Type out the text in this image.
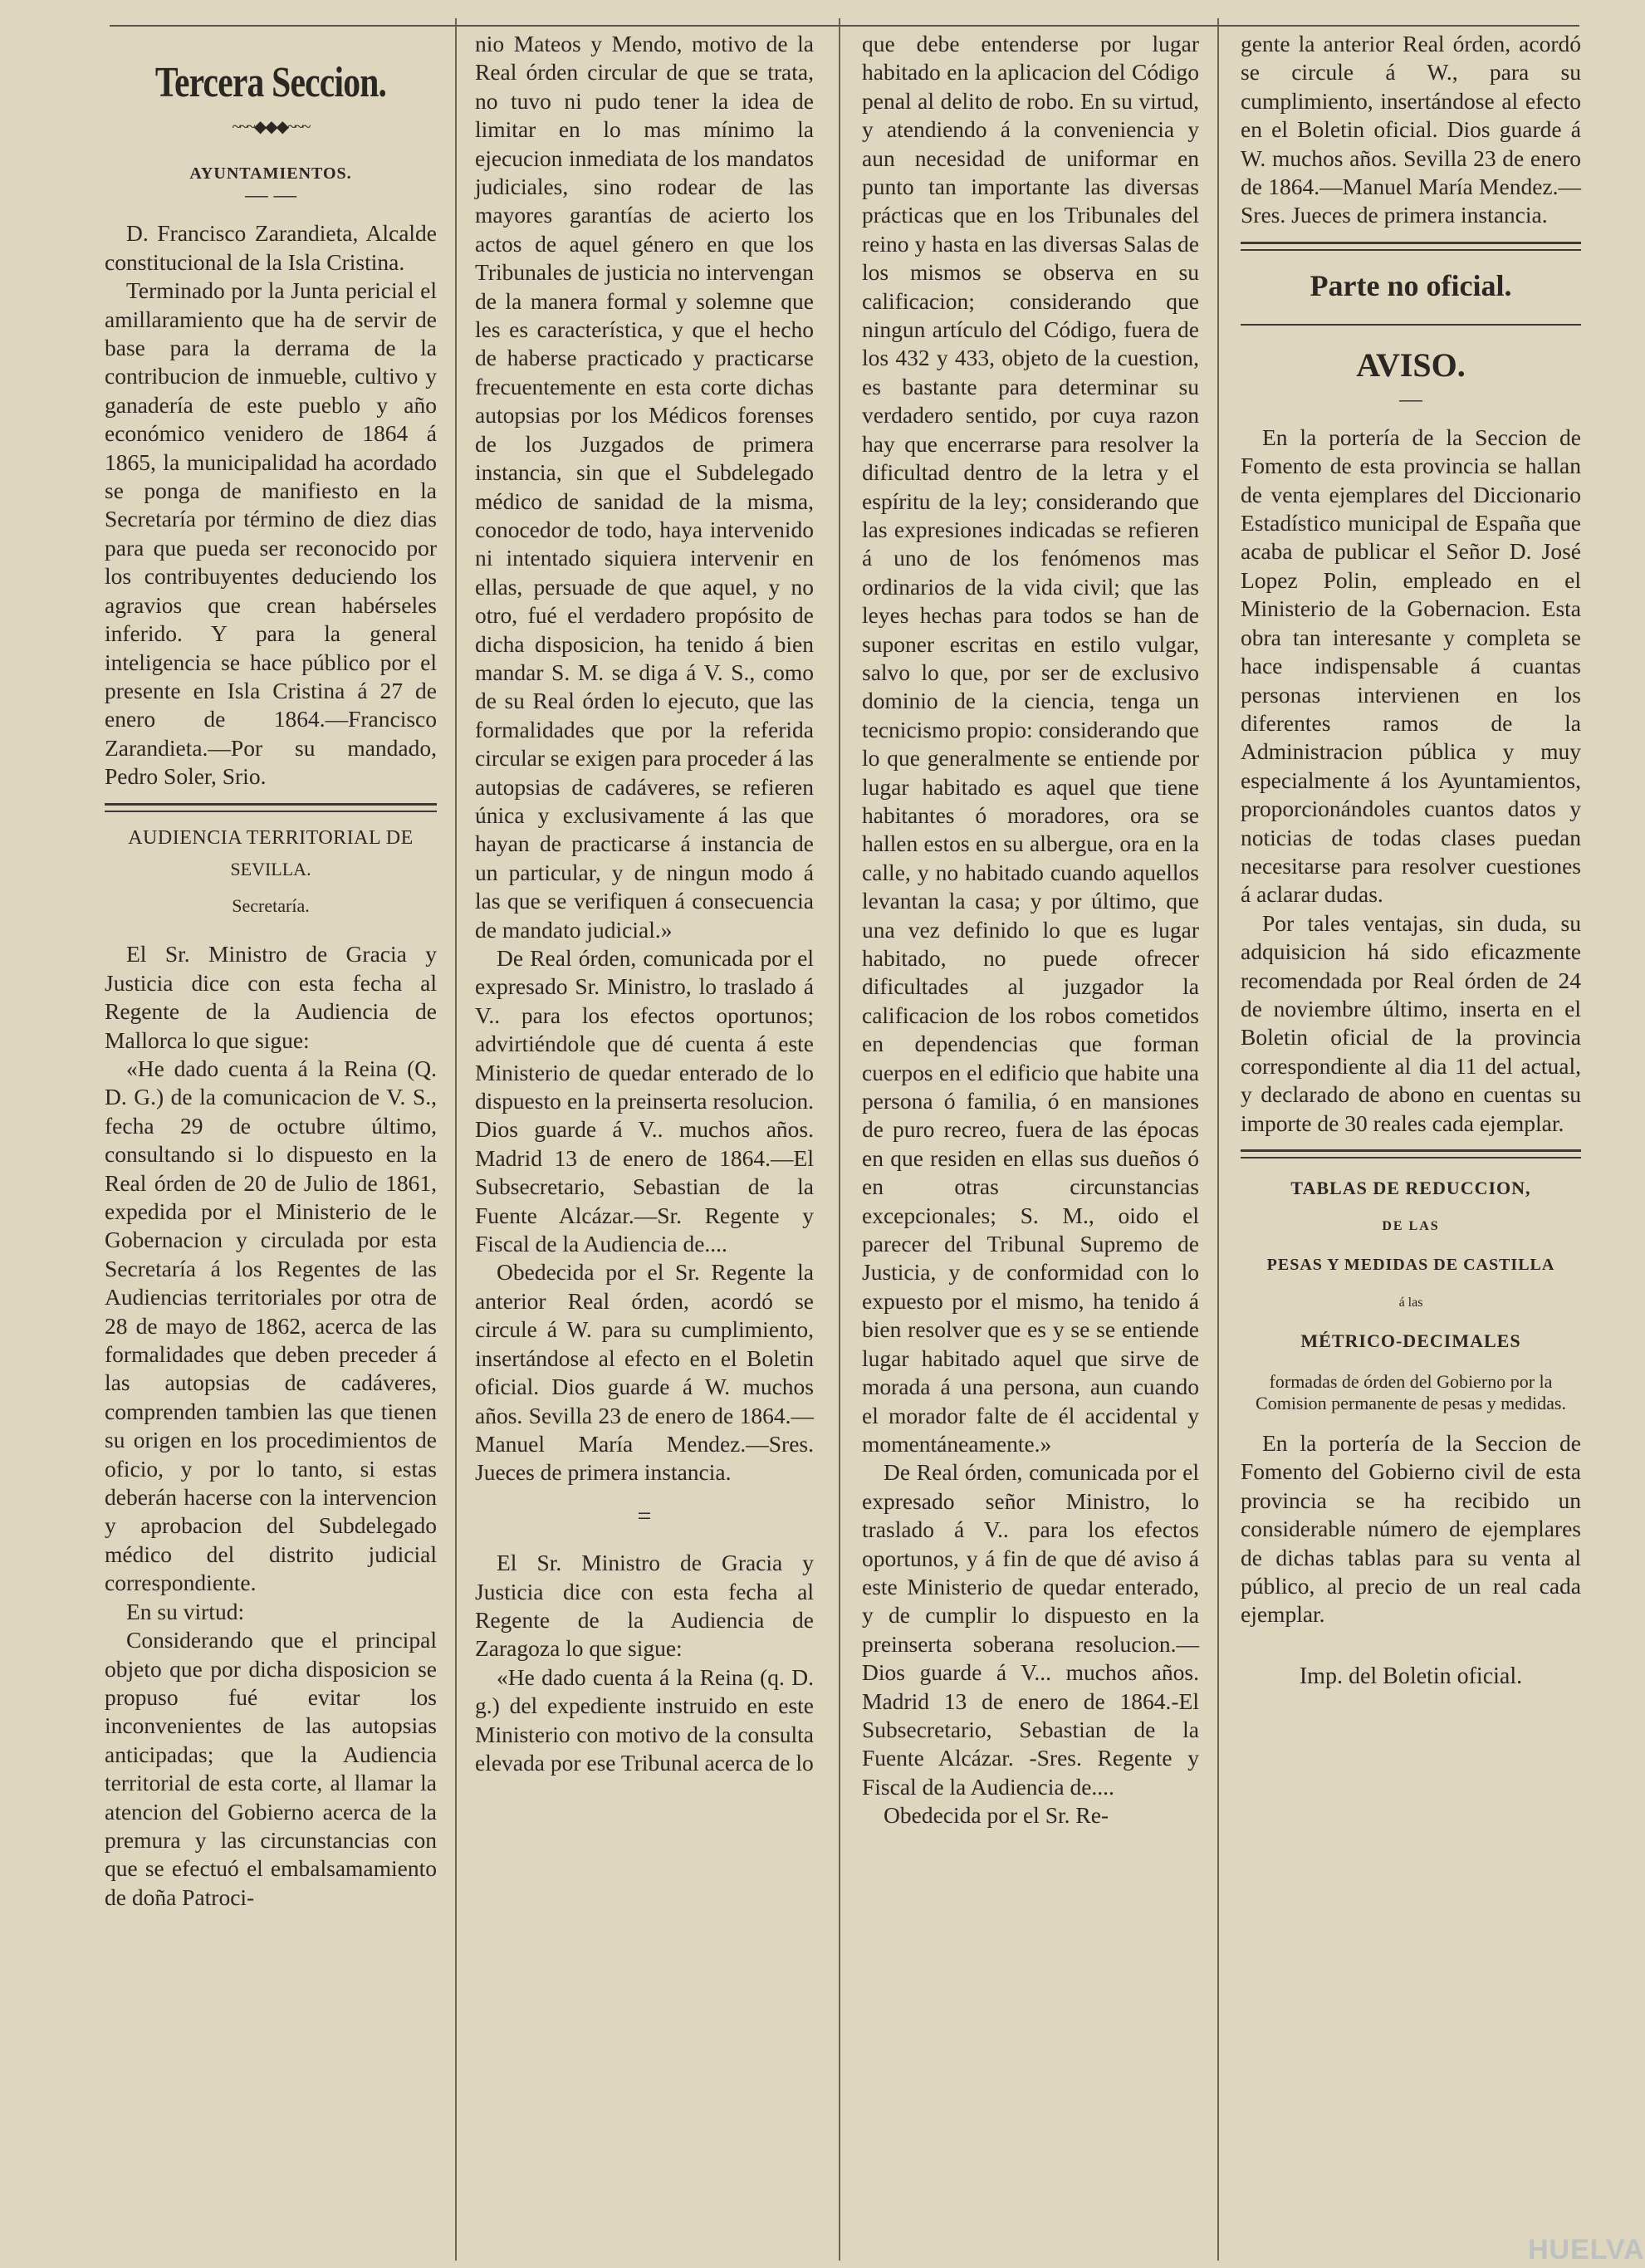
Tercera Seccion.
~~~◆◆◆~~~
AYUNTAMIENTOS.
— —

D. Francisco Zarandieta, Alcalde constitucional de la Isla Cristina.

Terminado por la Junta pericial el amillaramiento que ha de servir de base para la derrama de la contribucion de inmueble, cultivo y ganadería de este pueblo y año económico venidero de 1864 á 1865, la municipalidad ha acordado se ponga de manifiesto en la Secretaría por término de diez dias para que pueda ser reconocido por los contribuyentes deduciendo los agravios que crean habérseles inferido. Y para la general inteligencia se hace público por el presente en Isla Cristina á 27 de enero de 1864.—Francisco Zarandieta.—Por su mandado, Pedro Soler, Srio.

AUDIENCIA TERRITORIAL DE
SEVILLA.
Secretaría.

El Sr. Ministro de Gracia y Justicia dice con esta fecha al Regente de la Audiencia de Mallorca lo que sigue:

«He dado cuenta á la Reina (Q. D. G.) de la comunicacion de V. S., fecha 29 de octubre último, consultando si lo dispuesto en la Real órden de 20 de Julio de 1861, expedida por el Ministerio de le Gobernacion y circulada por esta Secretaría á los Regentes de las Audiencias territoriales por otra de 28 de mayo de 1862, acerca de las formalidades que deben preceder á las autopsias de cadáveres, comprenden tambien las que tienen su origen en los procedimientos de oficio, y por lo tanto, si estas deberán hacerse con la intervencion y aprobacion del Subdelegado médico del distrito judicial correspondiente.

En su virtud:

Considerando que el principal objeto que por dicha disposicion se propuso fué evitar los inconvenientes de las autopsias anticipadas; que la Audiencia territorial de esta corte, al llamar la atencion del Gobierno acerca de la premura y las circunstancias con que se efectuó el embalsamamiento de doña Patroci-

nio Mateos y Mendo, motivo de la Real órden circular de que se trata, no tuvo ni pudo tener la idea de limitar en lo mas mínimo la ejecucion inmediata de los mandatos judiciales, sino rodear de las mayores garantías de acierto los actos de aquel género en que los Tribunales de justicia no intervengan de la manera formal y solemne que les es característica, y que el hecho de haberse practicado y practicarse frecuentemente en esta corte dichas autopsias por los Médicos forenses de los Juzgados de primera instancia, sin que el Subdelegado médico de sanidad de la misma, conocedor de todo, haya intervenido ni intentado siquiera intervenir en ellas, persuade de que aquel, y no otro, fué el verdadero propósito de dicha disposicion, ha tenido á bien mandar S. M. se diga á V. S., como de su Real órden lo ejecuto, que las formalidades que por la referida circular se exigen para proceder á las autopsias de cadáveres, se refieren única y exclusivamente á las que hayan de practicarse á instancia de un particular, y de ningun modo á las que se verifiquen á consecuencia de mandato judicial.»

De Real órden, comunicada por el expresado Sr. Ministro, lo traslado á V.. para los efectos oportunos; advirtiéndole que dé cuenta á este Ministerio de quedar enterado de lo dispuesto en la preinserta resolucion. Dios guarde á V.. muchos años. Madrid 13 de enero de 1864.—El Subsecretario, Sebastian de la Fuente Alcázar.—Sr. Regente y Fiscal de la Audiencia de....

Obedecida por el Sr. Regente la anterior Real órden, acordó se circule á W. para su cumplimiento, insertándose al efecto en el Boletin oficial. Dios guarde á W. muchos años. Sevilla 23 de enero de 1864.—Manuel María Mendez.—Sres. Jueces de primera instancia.

=

El Sr. Ministro de Gracia y Justicia dice con esta fecha al Regente de la Audiencia de Zaragoza lo que sigue:

«He dado cuenta á la Reina (q. D. g.) del expediente instruido en este Ministerio con motivo de la consulta elevada por ese Tribunal acerca de lo

que debe entenderse por lugar habitado en la aplicacion del Código penal al delito de robo. En su virtud, y atendiendo á la conveniencia y aun necesidad de uniformar en punto tan importante las diversas prácticas que en los Tribunales del reino y hasta en las diversas Salas de los mismos se observa en su calificacion; considerando que ningun artículo del Código, fuera de los 432 y 433, objeto de la cuestion, es bastante para determinar su verdadero sentido, por cuya razon hay que encerrarse para resolver la dificultad dentro de la letra y el espíritu de la ley; considerando que las expresiones indicadas se refieren á uno de los fenómenos mas ordinarios de la vida civil; que las leyes hechas para todos se han de suponer escritas en estilo vulgar, salvo lo que, por ser de exclusivo dominio de la ciencia, tenga un tecnicismo propio: considerando que lo que generalmente se entiende por lugar habitado es aquel que tiene habitantes ó moradores, ora se hallen estos en su albergue, ora en la calle, y no habitado cuando aquellos levantan la casa; y por último, que una vez definido lo que es lugar habitado, no puede ofrecer dificultades al juzgador la calificacion de los robos cometidos en dependencias que forman cuerpos en el edificio que habite una persona ó familia, ó en mansiones de puro recreo, fuera de las épocas en que residen en ellas sus dueños ó en otras circunstancias excepcionales; S. M., oido el parecer del Tribunal Supremo de Justicia, y de conformidad con lo expuesto por el mismo, ha tenido á bien resolver que es y se se entiende lugar habitado aquel que sirve de morada á una persona, aun cuando el morador falte de él accidental y momentáneamente.»

De Real órden, comunicada por el expresado señor Ministro, lo traslado á V.. para los efectos oportunos, y á fin de que dé aviso á este Ministerio de quedar enterado, y de cumplir lo dispuesto en la preinserta soberana resolucion.—Dios guarde á V... muchos años. Madrid 13 de enero de 1864.-El Subsecretario, Sebastian de la Fuente Alcázar. -Sres. Regente y Fiscal de la Audiencia de....

Obedecida por el Sr. Re-

gente la anterior Real órden, acordó se circule á W., para su cumplimiento, insertándose al efecto en el Boletin oficial. Dios guarde á W. muchos años. Sevilla 23 de enero de 1864.—Manuel María Mendez.—Sres. Jueces de primera instancia.

Parte no oficial.
AVISO.
—

En la portería de la Seccion de Fomento de esta provincia se hallan de venta ejemplares del Diccionario Estadístico municipal de España que acaba de publicar el Señor D. José Lopez Polin, empleado en el Ministerio de la Gobernacion. Esta obra tan interesante y completa se hace indispensable á cuantas personas intervienen en los diferentes ramos de la Administracion pública y muy especialmente á los Ayuntamientos, proporcionándoles cuantos datos y noticias de todas clases puedan necesitarse para resolver cuestiones á aclarar dudas.

Por tales ventajas, sin duda, su adquisicion há sido eficazmente recomendada por Real órden de 24 de noviembre último, inserta en el Boletin oficial de la provincia correspondiente al dia 11 del actual, y declarado de abono en cuentas su importe de 30 reales cada ejemplar.

TABLAS DE REDUCCION,
DE LAS
PESAS Y MEDIDAS DE CASTILLA
á las
MÉTRICO-DECIMALES
formadas de órden del Gobierno por la Comision permanente de pesas y medidas.

En la portería de la Seccion de Fomento del Gobierno civil de esta provincia se ha recibido un considerable número de ejemplares de dichas tablas para su venta al público, al precio de un real cada ejemplar.

Imp. del Boletin oficial.
HUELVA
